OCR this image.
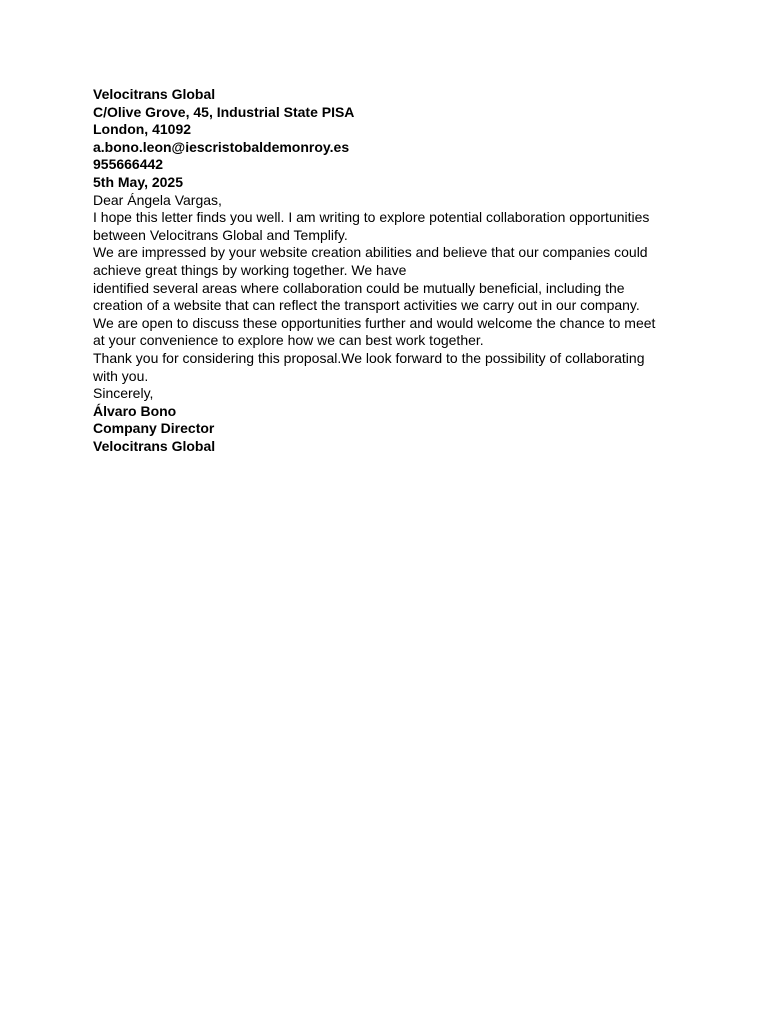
Velocitrans Global
C/Olive Grove, 45, Industrial State PISA
London, 41092
a.bono.leon@iescristobaldemonroy.es
955666442
5th May, 2025
Dear Ángela Vargas,
I hope this letter finds you well. I am writing to explore potential collaboration opportunities
between Velocitrans Global and Templify.
We are impressed by your website creation abilities and believe that our companies could
achieve great things by working together. We have
identified several areas where collaboration could be mutually beneficial, including the
creation of a website that can reflect the transport activities we carry out in our company.
We are open to discuss these opportunities further and would welcome the chance to meet
at your convenience to explore how we can best work together.
Thank you for considering this proposal.We look forward to the possibility of collaborating
with you.
Sincerely,
Álvaro Bono
Company Director
Velocitrans Global
